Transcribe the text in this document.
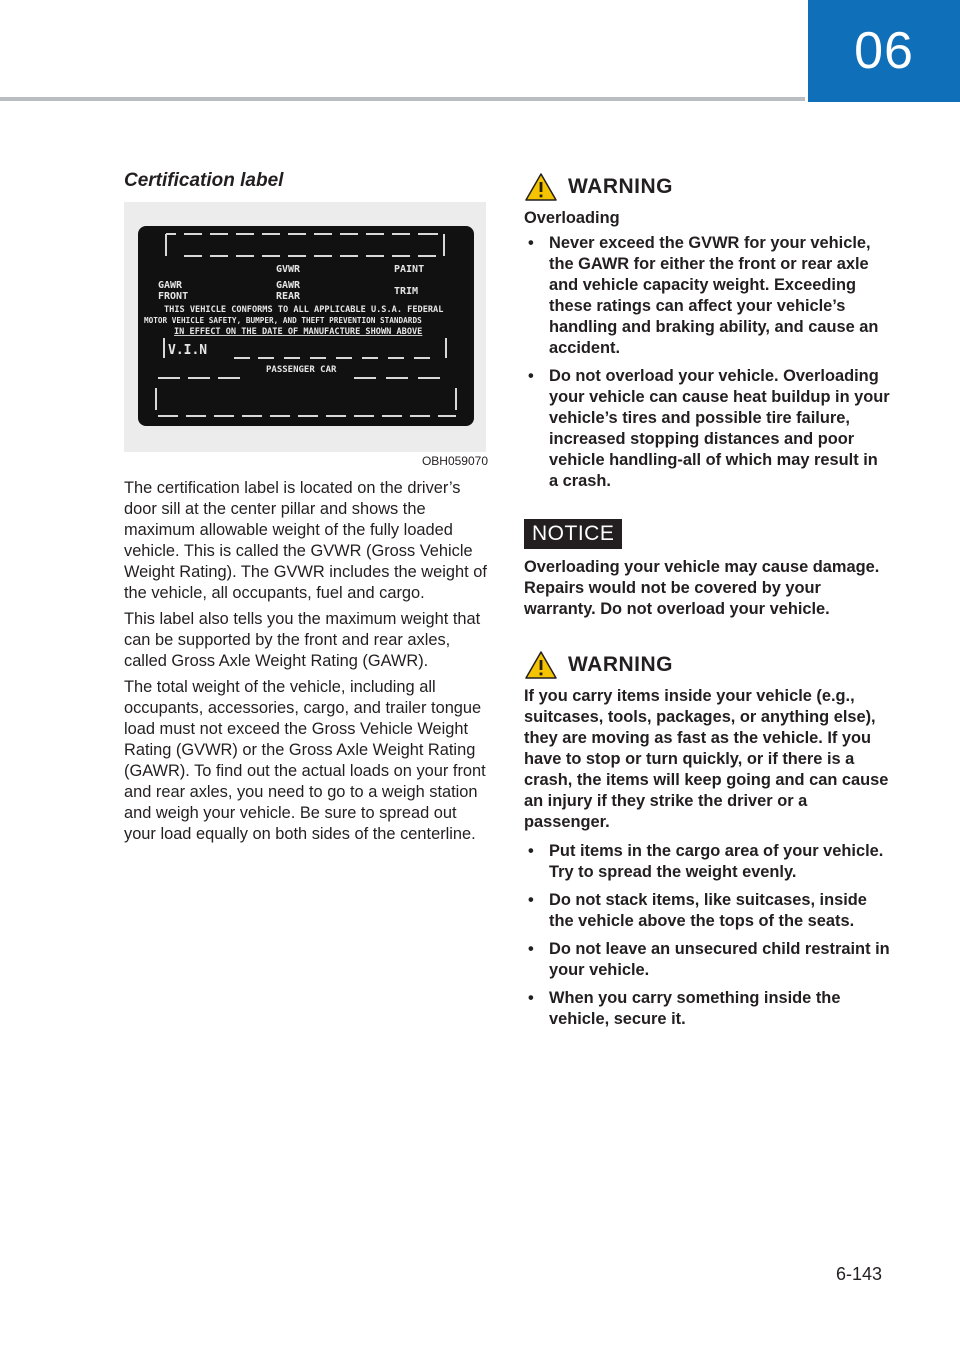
06
Certification label
GVWR	PAINT
GAWR
FRONT
GAWR
REAR	TRIM
THIS VEHICLE CONFORMS TO ALL APPLICABLE U.S.A. FEDERAL
MOTOR VEHICLE SAFETY, BUMPER, AND THEFT PREVENTION STANDARDS
IN EFFECT ON THE DATE OF MANUFACTURE SHOWN ABOVE
V.I.N
PASSENGER CAR
OBH059070

The certification label is located on the driver’s door sill at the center pillar and shows the maximum allowable weight of the fully loaded vehicle. This is called the GVWR (Gross Vehicle Weight Rating). The GVWR includes the weight of the vehicle, all occupants, fuel and cargo.

This label also tells you the maximum weight that can be supported by the front and rear axles, called Gross Axle Weight Rating (GAWR).

The total weight of the vehicle, including all occupants, accessories, cargo, and trailer tongue load must not exceed the Gross Vehicle Weight Rating (GVWR) or the Gross Axle Weight Rating (GAWR). To find out the actual loads on your front and rear axles, you need to go to a weigh station and weigh your vehicle. Be sure to spread out your load equally on both sides of the centerline.

WARNING
Overloading
• Never exceed the GVWR for your vehicle, the GAWR for either the front or rear axle and vehicle capacity weight. Exceeding these ratings can affect your vehicle’s handling and braking ability, and cause an accident.
• Do not overload your vehicle. Overloading your vehicle can cause heat buildup in your vehicle’s tires and possible tire failure, increased stopping distances and poor vehicle handling-all of which may result in a crash.
NOTICE
Overloading your vehicle may cause damage. Repairs would not be covered by your warranty. Do not overload your vehicle.
WARNING
If you carry items inside your vehicle (e.g., suitcases, tools, packages, or anything else), they are moving as fast as the vehicle. If you have to stop or turn quickly, or if there is a crash, the items will keep going and can cause an injury if they strike the driver or a passenger.
• Put items in the cargo area of your vehicle. Try to spread the weight evenly.
• Do not stack items, like suitcases, inside the vehicle above the tops of the seats.
• Do not leave an unsecured child restraint in your vehicle.
• When you carry something inside the vehicle, secure it.
6-143
